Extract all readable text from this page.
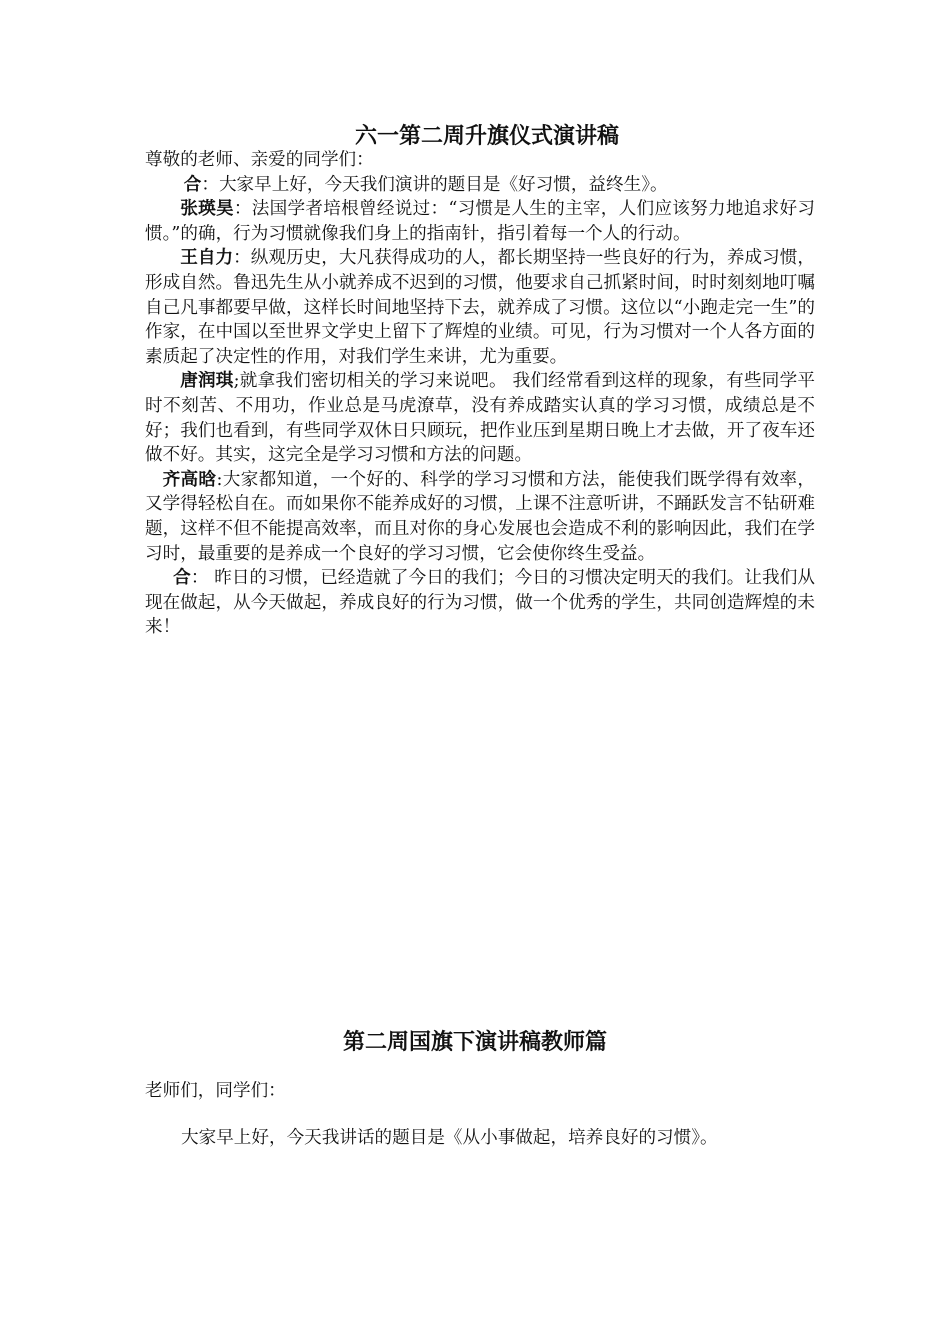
六一第二周升旗仪式演讲稿

尊敬的老师、亲爱的同学们：

合：大家早上好，今天我们演讲的题目是《好习惯，益终生》。

张瑛昊：法国学者培根曾经说过：“习惯是人生的主宰，人们应该努力地追求好习惯。”的确，行为习惯就像我们身上的指南针，指引着每一个人的行动。

王自力：纵观历史，大凡获得成功的人，都长期坚持一些良好的行为，养成习惯，形成自然。鲁迅先生从小就养成不迟到的习惯，他要求自己抓紧时间，时时刻刻地叮嘱自己凡事都要早做，这样长时间地坚持下去，就养成了习惯。这位以“小跑走完一生”的作家，在中国以至世界文学史上留下了辉煌的业绩。可见，行为习惯对一个人各方面的素质起了决定性的作用，对我们学生来讲，尤为重要。

唐润琪;就拿我们密切相关的学习来说吧。 我们经常看到这样的现象，有些同学平时不刻苦、不用功，作业总是马虎潦草，没有养成踏实认真的学习习惯，成绩总是不好；我们也看到，有些同学双休日只顾玩，把作业压到星期日晚上才去做，开了夜车还做不好。其实，这完全是学习习惯和方法的问题。

齐高晗:大家都知道，一个好的、科学的学习习惯和方法，能使我们既学得有效率，又学得轻松自在。而如果你不能养成好的习惯，上课不注意听讲，不踊跃发言不钻研难题，这样不但不能提高效率，而且对你的身心发展也会造成不利的影响因此，我们在学习时，最重要的是养成一个良好的学习习惯，它会使你终生受益。

合： 昨日的习惯，已经造就了今日的我们；今日的习惯决定明天的我们。让我们从现在做起，从今天做起，养成良好的行为习惯，做一个优秀的学生，共同创造辉煌的未来！

第二周国旗下演讲稿教师篇

老师们，同学们：

大家早上好，今天我讲话的题目是《从小事做起，培养良好的习惯》。
